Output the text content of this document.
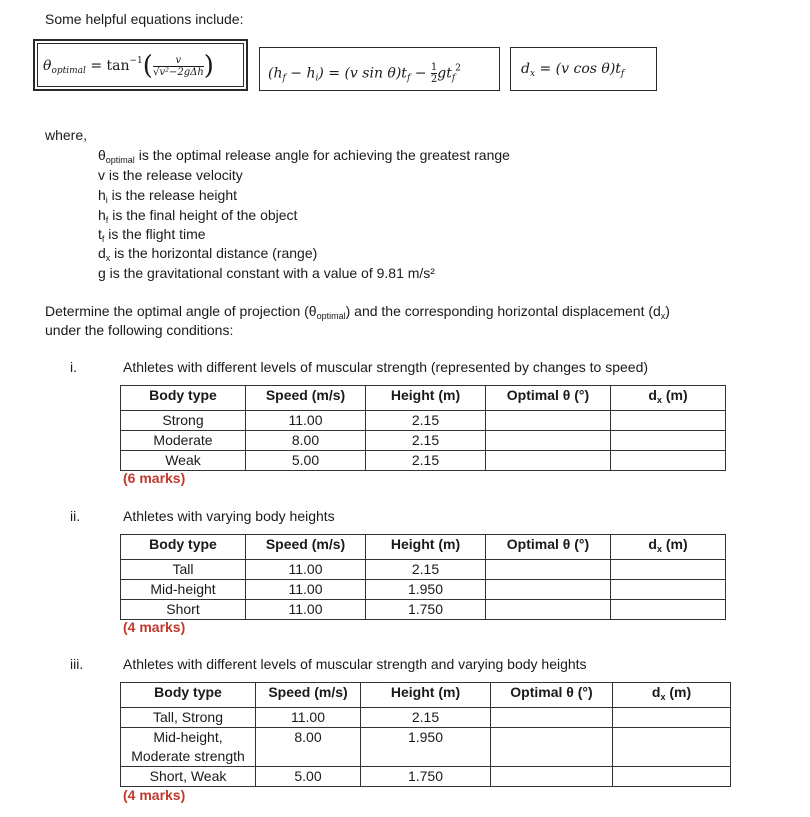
Some helpful equations include:
$\theta_{optimal} = \tan^{-1}( \frac{v}{\text{√v²−2gΔh}}$ )	$(h_f - h_i) = (v$ $\sin \theta)t_f - \frac{1}{2} gt_f^2$	$d_x = (v$ $\cos \theta)t_f$
where,
$\theta_{optimal}$ is the optimal release angle for achieving the greatest range
v is the release velocity
$h_i$ is the release height
$h_f$ is the final height of the object
$t_f$ is the flight time
$d_x$ is the horizontal distance (range)
g is the gravitational constant with a value of 9.81 m/s²
Determine the optimal angle of projection $(\theta_{optimal})$ and the corresponding horizontal displacement $(d_x)$
under the following conditions:
i.	Athletes with different levels of muscular strength (represented by changes to speed)
Body type	Speed (m/s)	Height (m)	Optimal θ (°)	$d_x$ (m)
Strong	11.00	2.15		
Moderate	8.00	2.15		
Weak	5.00	2.15		
(6 marks)
ii.	Athletes with varying body heights
Body type	Speed (m/s)	Height (m)	Optimal θ (°)	$d_x$ (m)
Tall	11.00	2.15		
Mid-height	11.00	1.950		
Short	11.00	1.750		
(4 marks)
iii.	Athletes with different levels of muscular strength and varying body heights
Body type	Speed (m/s)	Height (m)	Optimal θ (°)	$d_x$ (m)
Tall, Strong	11.00	2.15		
Mid-height,
Moderate strength	8.00	1.950		
Short, Weak	5.00	1.750		
(4 marks)
